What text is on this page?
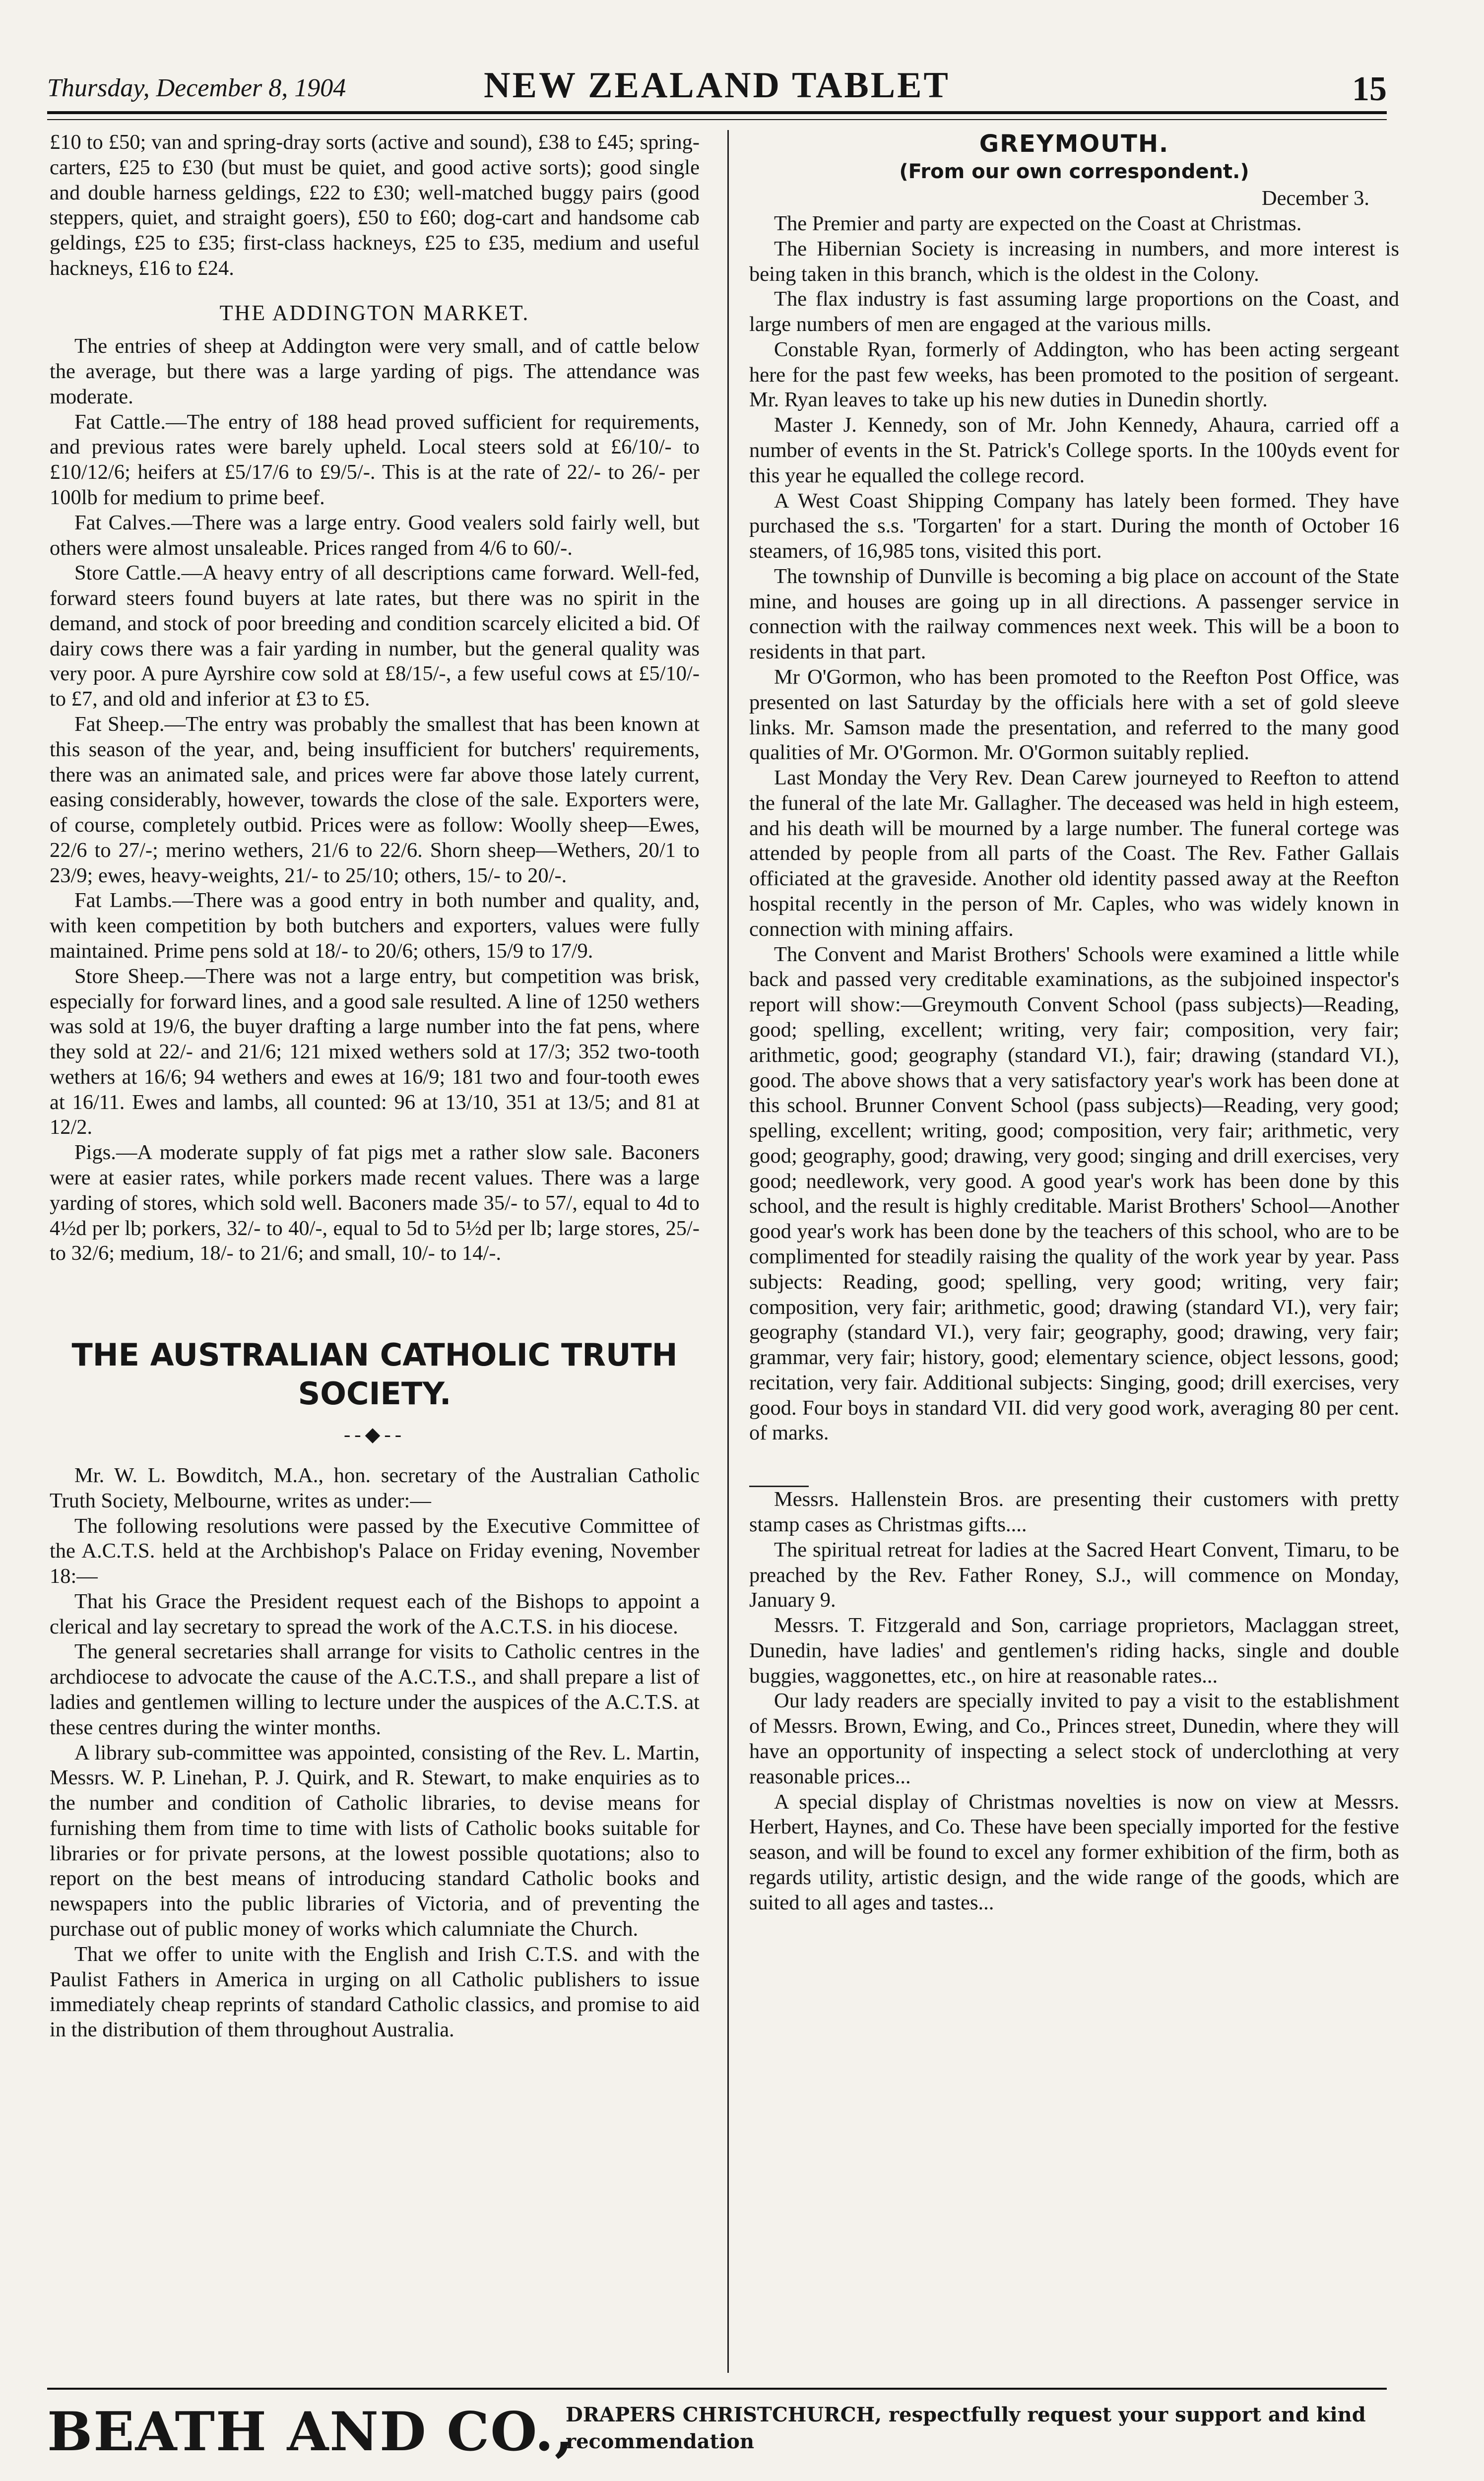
Thursday, December 8, 1904	NEW ZEALAND TABLET	15

£10 to £50; van and spring-dray sorts (active and sound), £38 to £45; spring-carters, £25 to £30 (but must be quiet, and good active sorts); good single and double harness geldings, £22 to £30; well-matched buggy pairs (good steppers, quiet, and straight goers), £50 to £60; dog-cart and handsome cab geldings, £25 to £35; first-class hackneys, £25 to £35, medium and useful hackneys, £16 to £24.

THE ADDINGTON MARKET.

The entries of sheep at Addington were very small, and of cattle below the average, but there was a large yarding of pigs. The attendance was moderate.

Fat Cattle.—The entry of 188 head proved sufficient for requirements, and previous rates were barely upheld. Local steers sold at £6/10/- to £10/12/6; heifers at £5/17/6 to £9/5/-. This is at the rate of 22/- to 26/- per 100lb for medium to prime beef.

Fat Calves.—There was a large entry. Good vealers sold fairly well, but others were almost unsaleable. Prices ranged from 4/6 to 60/-.

Store Cattle.—A heavy entry of all descriptions came forward. Well-fed, forward steers found buyers at late rates, but there was no spirit in the demand, and stock of poor breeding and condition scarcely elicited a bid. Of dairy cows there was a fair yarding in number, but the general quality was very poor. A pure Ayrshire cow sold at £8/15/-, a few useful cows at £5/10/- to £7, and old and inferior at £3 to £5.

Fat Sheep.—The entry was probably the smallest that has been known at this season of the year, and, being insufficient for butchers' requirements, there was an animated sale, and prices were far above those lately current, easing considerably, however, towards the close of the sale. Exporters were, of course, completely outbid. Prices were as follow: Woolly sheep—Ewes, 22/6 to 27/-; merino wethers, 21/6 to 22/6. Shorn sheep—Wethers, 20/1 to 23/9; ewes, heavy-weights, 21/- to 25/10; others, 15/- to 20/-.

Fat Lambs.—There was a good entry in both number and quality, and, with keen competition by both butchers and exporters, values were fully maintained. Prime pens sold at 18/- to 20/6; others, 15/9 to 17/9.

Store Sheep.—There was not a large entry, but competition was brisk, especially for forward lines, and a good sale resulted. A line of 1250 wethers was sold at 19/6, the buyer drafting a large number into the fat pens, where they sold at 22/- and 21/6; 121 mixed wethers sold at 17/3; 352 two-tooth wethers at 16/6; 94 wethers and ewes at 16/9; 181 two and four-tooth ewes at 16/11. Ewes and lambs, all counted: 96 at 13/10, 351 at 13/5; and 81 at 12/2.

Pigs.—A moderate supply of fat pigs met a rather slow sale. Baconers were at easier rates, while porkers made recent values. There was a large yarding of stores, which sold well. Baconers made 35/- to 57/, equal to 4d to 4½d per lb; porkers, 32/- to 40/-, equal to 5d to 5½d per lb; large stores, 25/- to 32/6; medium, 18/- to 21/6; and small, 10/- to 14/-.

THE AUSTRALIAN CATHOLIC TRUTH SOCIETY.
--◆--

Mr. W. L. Bowditch, M.A., hon. secretary of the Australian Catholic Truth Society, Melbourne, writes as under:—

The following resolutions were passed by the Executive Committee of the A.C.T.S. held at the Archbishop's Palace on Friday evening, November 18:—

That his Grace the President request each of the Bishops to appoint a clerical and lay secretary to spread the work of the A.C.T.S. in his diocese.

The general secretaries shall arrange for visits to Catholic centres in the archdiocese to advocate the cause of the A.C.T.S., and shall prepare a list of ladies and gentlemen willing to lecture under the auspices of the A.C.T.S. at these centres during the winter months.

A library sub-committee was appointed, consisting of the Rev. L. Martin, Messrs. W. P. Linehan, P. J. Quirk, and R. Stewart, to make enquiries as to the number and condition of Catholic libraries, to devise means for furnishing them from time to time with lists of Catholic books suitable for libraries or for private persons, at the lowest possible quotations; also to report on the best means of introducing standard Catholic books and newspapers into the public libraries of Victoria, and of preventing the purchase out of public money of works which calumniate the Church.

That we offer to unite with the English and Irish C.T.S. and with the Paulist Fathers in America in urging on all Catholic publishers to issue immediately cheap reprints of standard Catholic classics, and promise to aid in the distribution of them throughout Australia.

GREYMOUTH.
(From our own correspondent.)
December 3.

The Premier and party are expected on the Coast at Christmas.

The Hibernian Society is increasing in numbers, and more interest is being taken in this branch, which is the oldest in the Colony.

The flax industry is fast assuming large proportions on the Coast, and large numbers of men are engaged at the various mills.

Constable Ryan, formerly of Addington, who has been acting sergeant here for the past few weeks, has been promoted to the position of sergeant. Mr. Ryan leaves to take up his new duties in Dunedin shortly.

Master J. Kennedy, son of Mr. John Kennedy, Ahaura, carried off a number of events in the St. Patrick's College sports. In the 100yds event for this year he equalled the college record.

A West Coast Shipping Company has lately been formed. They have purchased the s.s. 'Torgarten' for a start. During the month of October 16 steamers, of 16,985 tons, visited this port.

The township of Dunville is becoming a big place on account of the State mine, and houses are going up in all directions. A passenger service in connection with the railway commences next week. This will be a boon to residents in that part.

Mr O'Gormon, who has been promoted to the Reefton Post Office, was presented on last Saturday by the officials here with a set of gold sleeve links. Mr. Samson made the presentation, and referred to the many good qualities of Mr. O'Gormon. Mr. O'Gormon suitably replied.

Last Monday the Very Rev. Dean Carew journeyed to Reefton to attend the funeral of the late Mr. Gallagher. The deceased was held in high esteem, and his death will be mourned by a large number. The funeral cortege was attended by people from all parts of the Coast. The Rev. Father Gallais officiated at the graveside. Another old identity passed away at the Reefton hospital recently in the person of Mr. Caples, who was widely known in connection with mining affairs.

The Convent and Marist Brothers' Schools were examined a little while back and passed very creditable examinations, as the subjoined inspector's report will show:—Greymouth Convent School (pass subjects)—Reading, good; spelling, excellent; writing, very fair; composition, very fair; arithmetic, good; geography (standard VI.), fair; drawing (standard VI.), good. The above shows that a very satisfactory year's work has been done at this school. Brunner Convent School (pass subjects)—Reading, very good; spelling, excellent; writing, good; composition, very fair; arithmetic, very good; geography, good; drawing, very good; singing and drill exercises, very good; needlework, very good. A good year's work has been done by this school, and the result is highly creditable. Marist Brothers' School—Another good year's work has been done by the teachers of this school, who are to be complimented for steadily raising the quality of the work year by year. Pass subjects: Reading, good; spelling, very good; writing, very fair; composition, very fair; arithmetic, good; drawing (standard VI.), very fair; geography (standard VI.), very fair; geography, good; drawing, very fair; grammar, very fair; history, good; elementary science, object lessons, good; recitation, very fair. Additional subjects: Singing, good; drill exercises, very good. Four boys in standard VII. did very good work, averaging 80 per cent. of marks.

Messrs. Hallenstein Bros. are presenting their customers with pretty stamp cases as Christmas gifts....

The spiritual retreat for ladies at the Sacred Heart Convent, Timaru, to be preached by the Rev. Father Roney, S.J., will commence on Monday, January 9.

Messrs. T. Fitzgerald and Son, carriage proprietors, Maclaggan street, Dunedin, have ladies' and gentlemen's riding hacks, single and double buggies, waggonettes, etc., on hire at reasonable rates...

Our lady readers are specially invited to pay a visit to the establishment of Messrs. Brown, Ewing, and Co., Princes street, Dunedin, where they will have an opportunity of inspecting a select stock of underclothing at very reasonable prices...

A special display of Christmas novelties is now on view at Messrs. Herbert, Haynes, and Co. These have been specially imported for the festive season, and will be found to excel any former exhibition of the firm, both as regards utility, artistic design, and the wide range of the goods, which are suited to all ages and tastes...

BEATH AND CO.,
DRAPERS CHRISTCHURCH, respectfully request your support and kind recommendation
